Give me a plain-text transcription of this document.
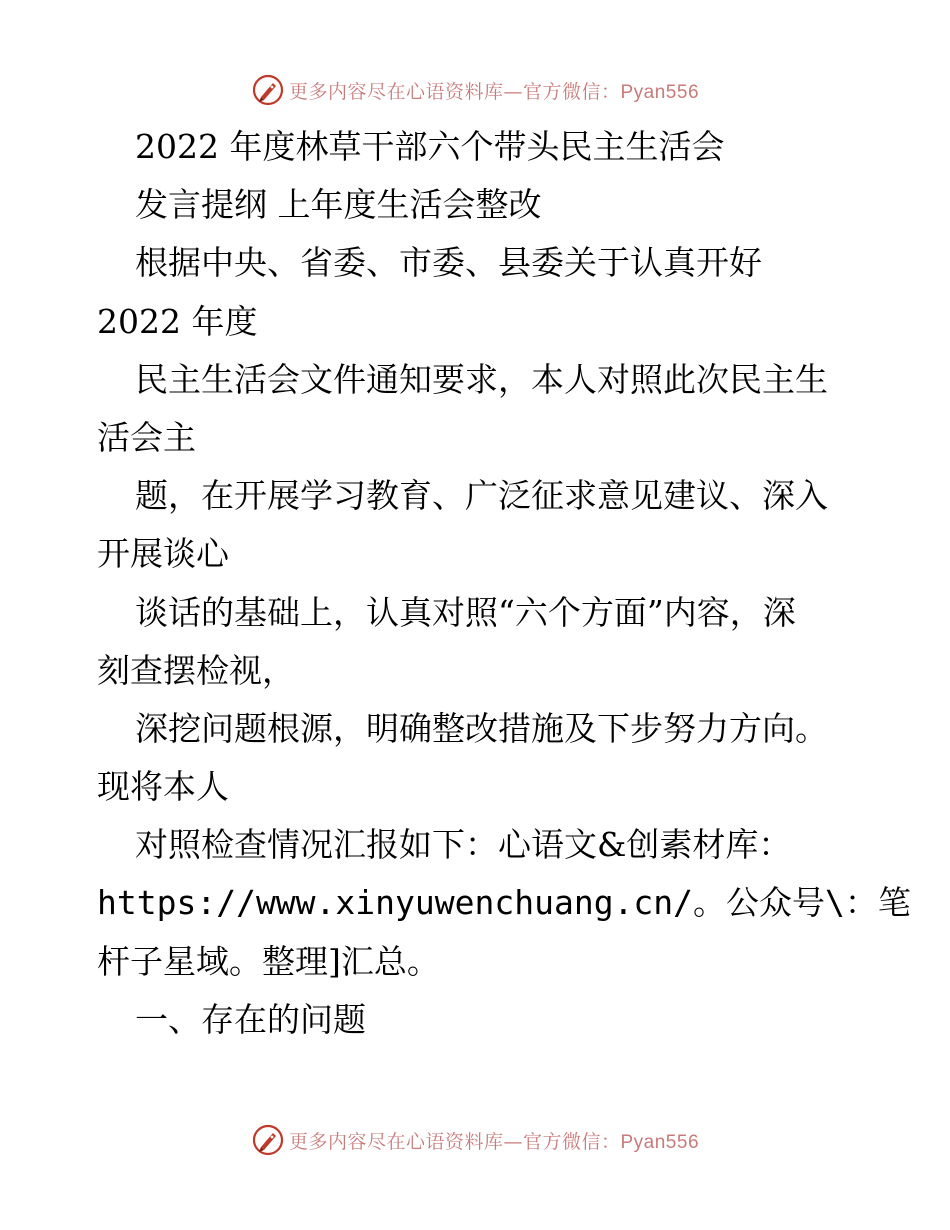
更多内容尽在心语资料库—官方微信：Pyan556
2022 年度林草干部六个带头民主生活会
发言提纲 上年度生活会整改
根据中央、省委、市委、县委关于认真开好
2022 年度
民主生活会文件通知要求，本人对照此次民主生
活会主
题，在开展学习教育、广泛征求意见建议、深入
开展谈心
谈话的基础上，认真对照“六个方面”内容，深
刻查摆检视，
深挖问题根源，明确整改措施及下步努力方向。
现将本人
对照检查情况汇报如下：心语文&创素材库：
https://www.xinyuwenchuang.cn/。公众号\：笔
杆子星域。整理]汇总。
一、存在的问题
更多内容尽在心语资料库—官方微信：Pyan556
